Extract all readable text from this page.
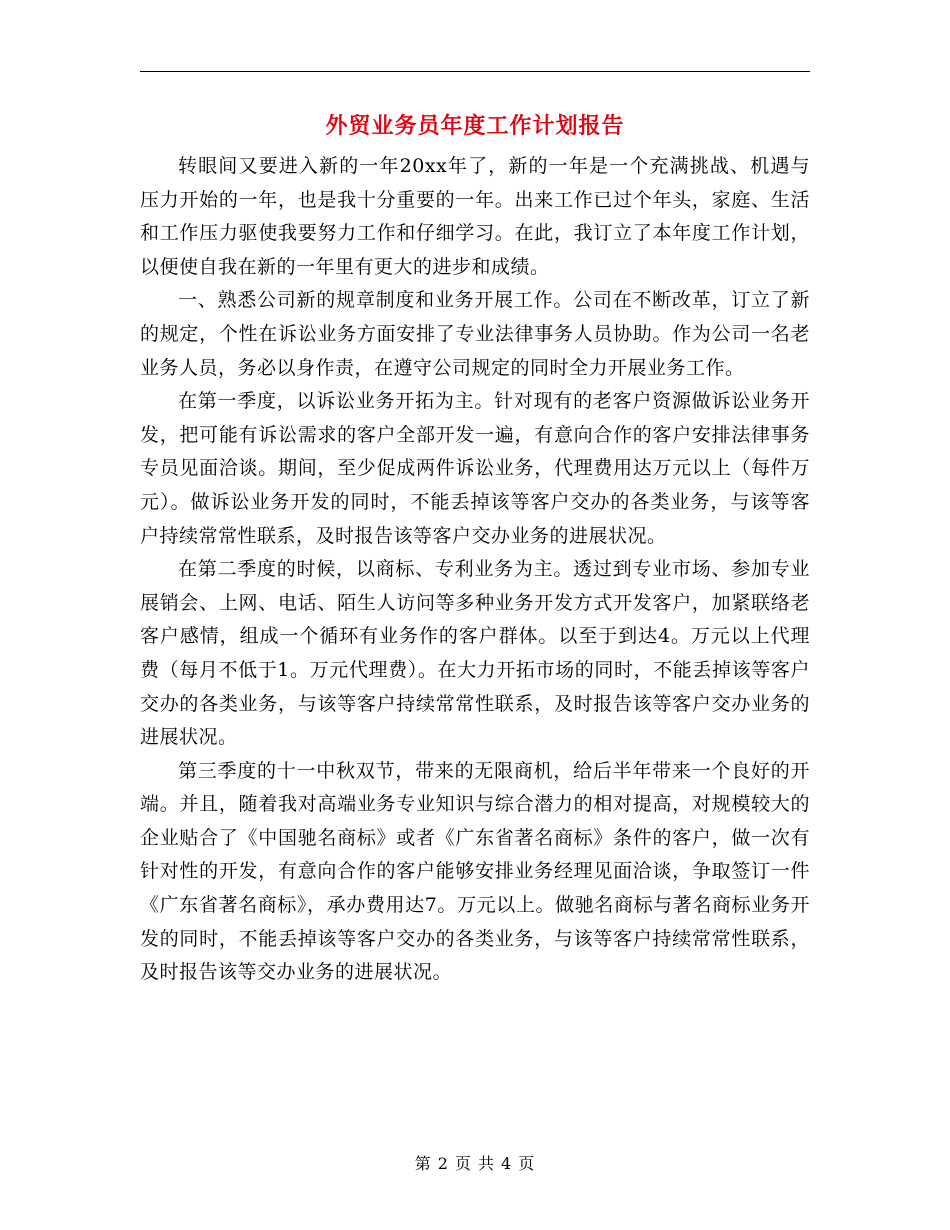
外贸业务员年度工作计划报告

转眼间又要进入新的一年20xx年了，新的一年是一个充满挑战、机遇与压力开始的一年，也是我十分重要的一年。出来工作已过个年头，家庭、生活和工作压力驱使我要努力工作和仔细学习。在此，我订立了本年度工作计划，以便使自我在新的一年里有更大的进步和成绩。

一、熟悉公司新的规章制度和业务开展工作。公司在不断改革，订立了新的规定，个性在诉讼业务方面安排了专业法律事务人员协助。作为公司一名老业务人员，务必以身作责，在遵守公司规定的同时全力开展业务工作。

在第一季度，以诉讼业务开拓为主。针对现有的老客户资源做诉讼业务开发，把可能有诉讼需求的客户全部开发一遍，有意向合作的客户安排法律事务专员见面洽谈。期间，至少促成两件诉讼业务，代理费用达万元以上（每件万元）。做诉讼业务开发的同时，不能丢掉该等客户交办的各类业务，与该等客户持续常常性联系，及时报告该等客户交办业务的进展状况。

在第二季度的时候，以商标、专利业务为主。透过到专业市场、参加专业展销会、上网、电话、陌生人访问等多种业务开发方式开发客户，加紧联络老客户感情，组成一个循环有业务作的客户群体。以至于到达4。万元以上代理费（每月不低于1。万元代理费）。在大力开拓市场的同时，不能丢掉该等客户交办的各类业务，与该等客户持续常常性联系，及时报告该等客户交办业务的进展状况。

第三季度的十一中秋双节，带来的无限商机，给后半年带来一个良好的开端。并且，随着我对高端业务专业知识与综合潜力的相对提高，对规模较大的企业贴合了《中国驰名商标》或者《广东省著名商标》条件的客户，做一次有针对性的开发，有意向合作的客户能够安排业务经理见面洽谈，争取签订一件《广东省著名商标》，承办费用达7。万元以上。做驰名商标与著名商标业务开发的同时，不能丢掉该等客户交办的各类业务，与该等客户持续常常性联系，及时报告该等交办业务的进展状况。

第 2 页 共 4 页
